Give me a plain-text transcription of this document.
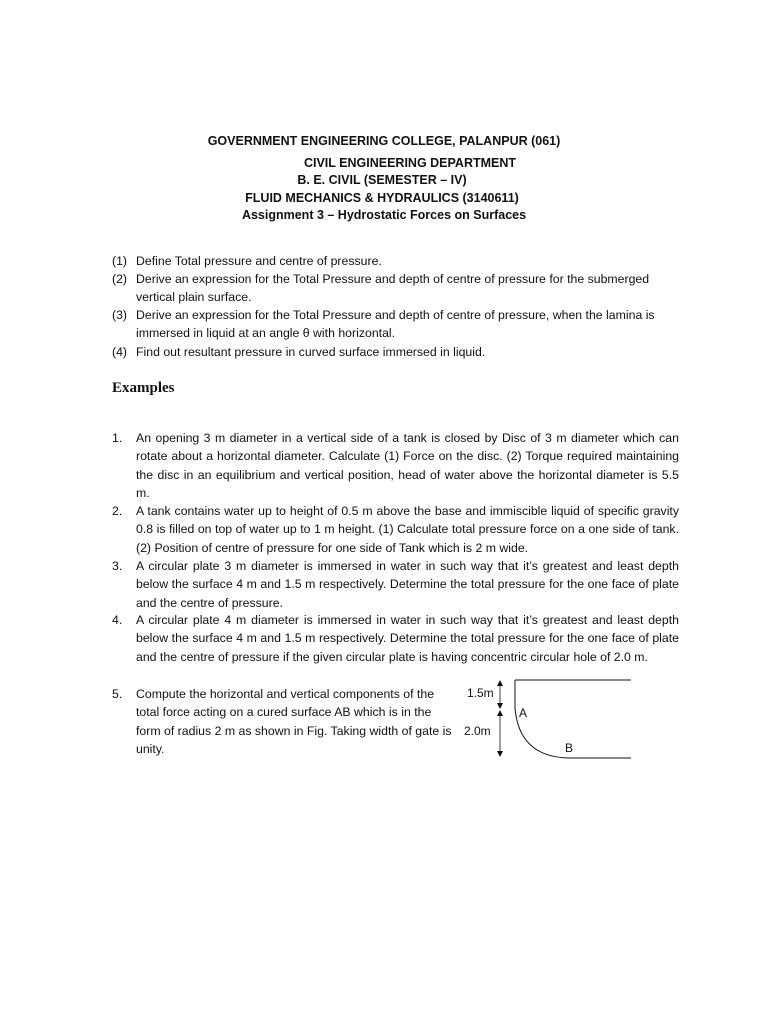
GOVERNMENT ENGINEERING COLLEGE, PALANPUR (061)
CIVIL ENGINEERING DEPARTMENT
B. E. CIVIL (SEMESTER – IV)
FLUID MECHANICS & HYDRAULICS (3140611)
Assignment 3 – Hydrostatic Forces on Surfaces
(1) Define Total pressure and centre of pressure.
(2) Derive an expression for the Total Pressure and depth of centre of pressure for the submerged vertical plain surface.
(3) Derive an expression for the Total Pressure and depth of centre of pressure, when the lamina is immersed in liquid at an angle θ with horizontal.
(4) Find out resultant pressure in curved surface immersed in liquid.
Examples
1. An opening 3 m diameter in a vertical side of a tank is closed by Disc of 3 m diameter which can rotate about a horizontal diameter. Calculate (1) Force on the disc. (2) Torque required maintaining the disc in an equilibrium and vertical position, head of water above the horizontal diameter is 5.5 m.
2. A tank contains water up to height of 0.5 m above the base and immiscible liquid of specific gravity 0.8 is filled on top of water up to 1 m height. (1) Calculate total pressure force on a one side of tank. (2) Position of centre of pressure for one side of Tank which is 2 m wide.
3. A circular plate 3 m diameter is immersed in water in such way that it’s greatest and least depth below the surface 4 m and 1.5 m respectively. Determine the total pressure for the one face of plate and the centre of pressure.
4. A circular plate 4 m diameter is immersed in water in such way that it’s greatest and least depth below the surface 4 m and 1.5 m respectively. Determine the total pressure for the one face of plate and the centre of pressure if the given circular plate is having concentric circular hole of 2.0 m.
5. Compute the horizontal and vertical components of the total force acting on a cured surface AB which is in the form of radius 2 m as shown in Fig. Taking width of gate is unity.
1.5m
2.0m
A
B
